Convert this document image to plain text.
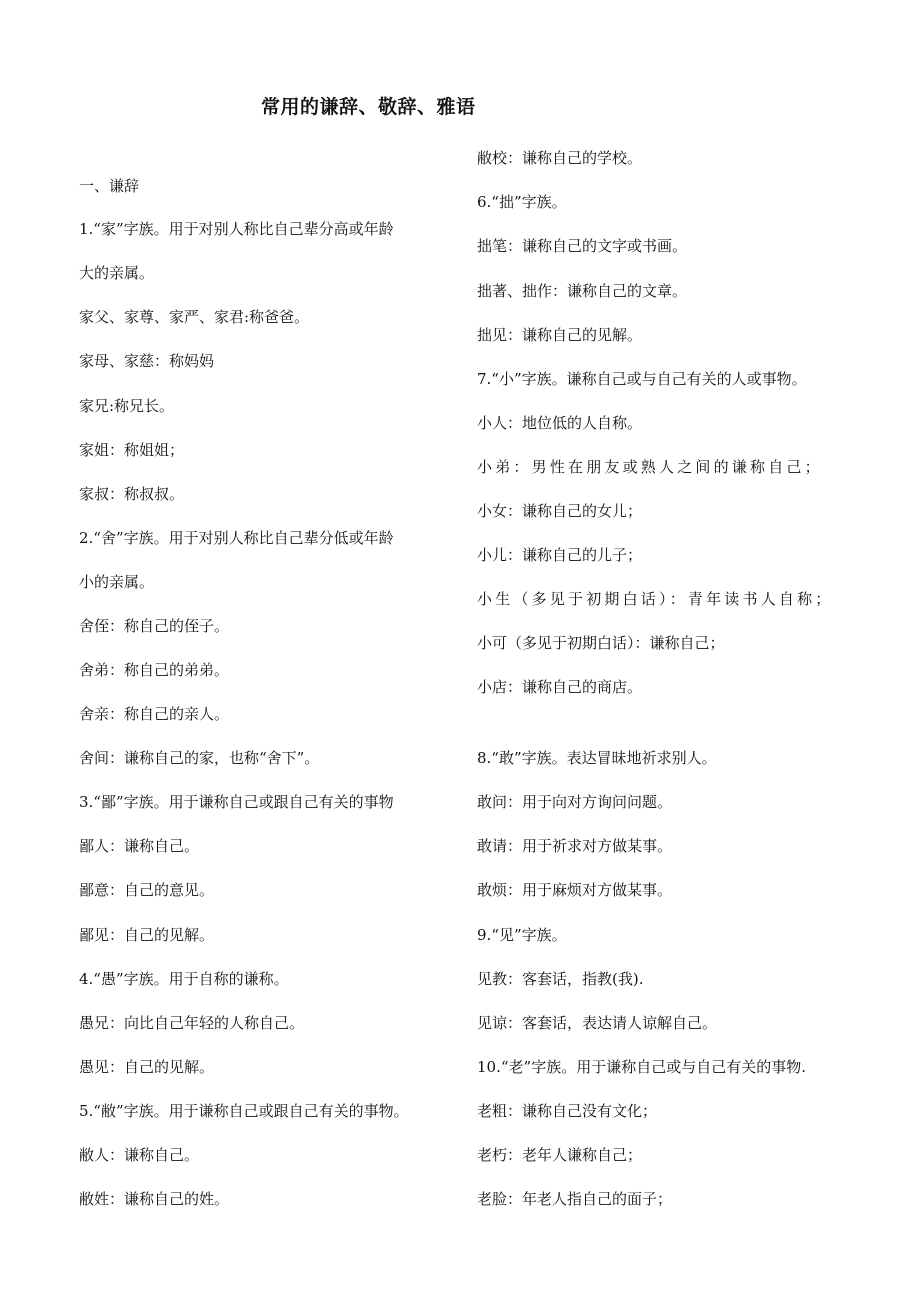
常用的谦辞、敬辞、雅语
一、谦辞
1.“家”字族。用于对别人称比自己辈分高或年龄
大的亲属。
家父、家尊、家严、家君:称爸爸。
家母、家慈：称妈妈
家兄:称兄长。
家姐：称姐姐；
家叔：称叔叔。
2.“舍”字族。用于对别人称比自己辈分低或年龄
小的亲属。
舍侄：称自己的侄子。
舍弟：称自己的弟弟。
舍亲：称自己的亲人。
舍间：谦称自己的家，也称“舍下”。
3.“鄙”字族。用于谦称自己或跟自己有关的事物
鄙人：谦称自己。
鄙意：自己的意见。
鄙见：自己的见解。
4.“愚”字族。用于自称的谦称。
愚兄：向比自己年轻的人称自己。
愚见：自己的见解。
5.“敝”字族。用于谦称自己或跟自己有关的事物。
敝人：谦称自己。
敝姓：谦称自己的姓。
敝校：谦称自己的学校。
6.“拙”字族。
拙笔：谦称自己的文字或书画。
拙著、拙作：谦称自己的文章。
拙见：谦称自己的见解。
7.“小”字族。谦称自己或与自己有关的人或事物。
小人：地位低的人自称。
小弟：男性在朋友或熟人之间的谦称自己；
小女：谦称自己的女儿；
小儿：谦称自己的儿子；
小生（多见于初期白话）：青年读书人自称；
小可（多见于初期白话）：谦称自己；
小店：谦称自己的商店。
8.“敢”字族。表达冒昧地祈求别人。
敢问：用于向对方询问问题。
敢请：用于祈求对方做某事。
敢烦：用于麻烦对方做某事。
9.“见”字族。
见教：客套话，指教(我).
见谅：客套话，表达请人谅解自己。
10.“老”字族。用于谦称自己或与自己有关的事物.
老粗：谦称自己没有文化；
老朽：老年人谦称自己；
老脸：年老人指自己的面子；
